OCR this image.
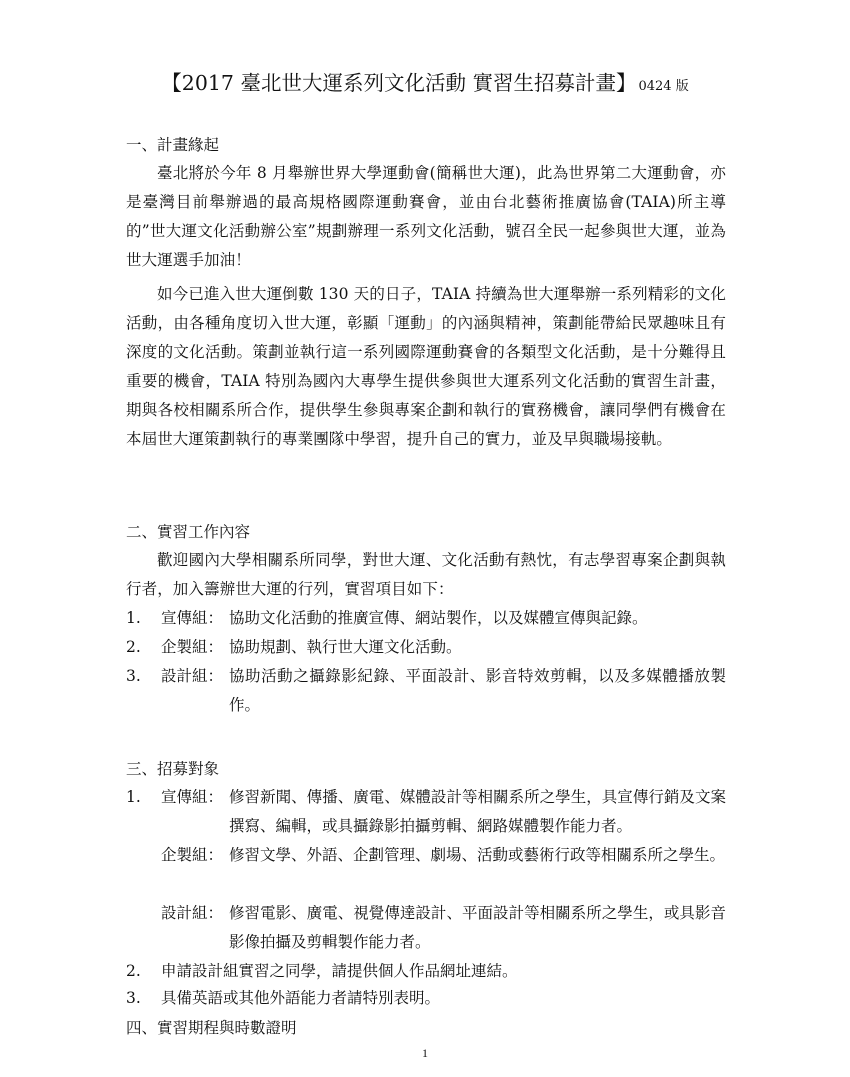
【2017 臺北世大運系列文化活動 實習生招募計畫】 0424 版
一、計畫緣起

臺北將於今年 8 月舉辦世界大學運動會(簡稱世大運)，此為世界第二大運動會，亦是臺灣目前舉辦過的最高規格國際運動賽會，並由台北藝術推廣協會(TAIA)所主導的”世大運文化活動辦公室”規劃辦理一系列文化活動，號召全民一起參與世大運，並為世大運選手加油！

如今已進入世大運倒數 130 天的日子，TAIA 持續為世大運舉辦一系列精彩的文化活動，由各種角度切入世大運，彰顯「運動」的內涵與精神，策劃能帶給民眾趣味且有深度的文化活動。策劃並執行這一系列國際運動賽會的各類型文化活動，是十分難得且重要的機會，TAIA 特別為國內大專學生提供參與世大運系列文化活動的實習生計畫，期與各校相關系所合作，提供學生參與專案企劃和執行的實務機會，讓同學們有機會在本屆世大運策劃執行的專業團隊中學習，提升自己的實力，並及早與職場接軌。

二、實習工作內容

歡迎國內大學相關系所同學，對世大運、文化活動有熱忱，有志學習專案企劃與執行者，加入籌辦世大運的行列，實習項目如下：

1. 宣傳組： 協助文化活動的推廣宣傳、網站製作，以及媒體宣傳與記錄。
2. 企製組： 協助規劃、執行世大運文化活動。
3. 設計組： 協助活動之攝錄影紀錄、平面設計、影音特效剪輯，以及多媒體播放製作。
三、招募對象
1. 宣傳組： 修習新聞、傳播、廣電、媒體設計等相關系所之學生，具宣傳行銷及文案撰寫、編輯，或具攝錄影拍攝剪輯、網路媒體製作能力者。
企製組： 修習文學、外語、企劃管理、劇場、活動或藝術行政等相關系所之學生。
設計組： 修習電影、廣電、視覺傳達設計、平面設計等相關系所之學生，或具影音影像拍攝及剪輯製作能力者。
2. 申請設計組實習之同學，請提供個人作品網址連結。
3. 具備英語或其他外語能力者請特別表明。
四、實習期程與時數證明
1
